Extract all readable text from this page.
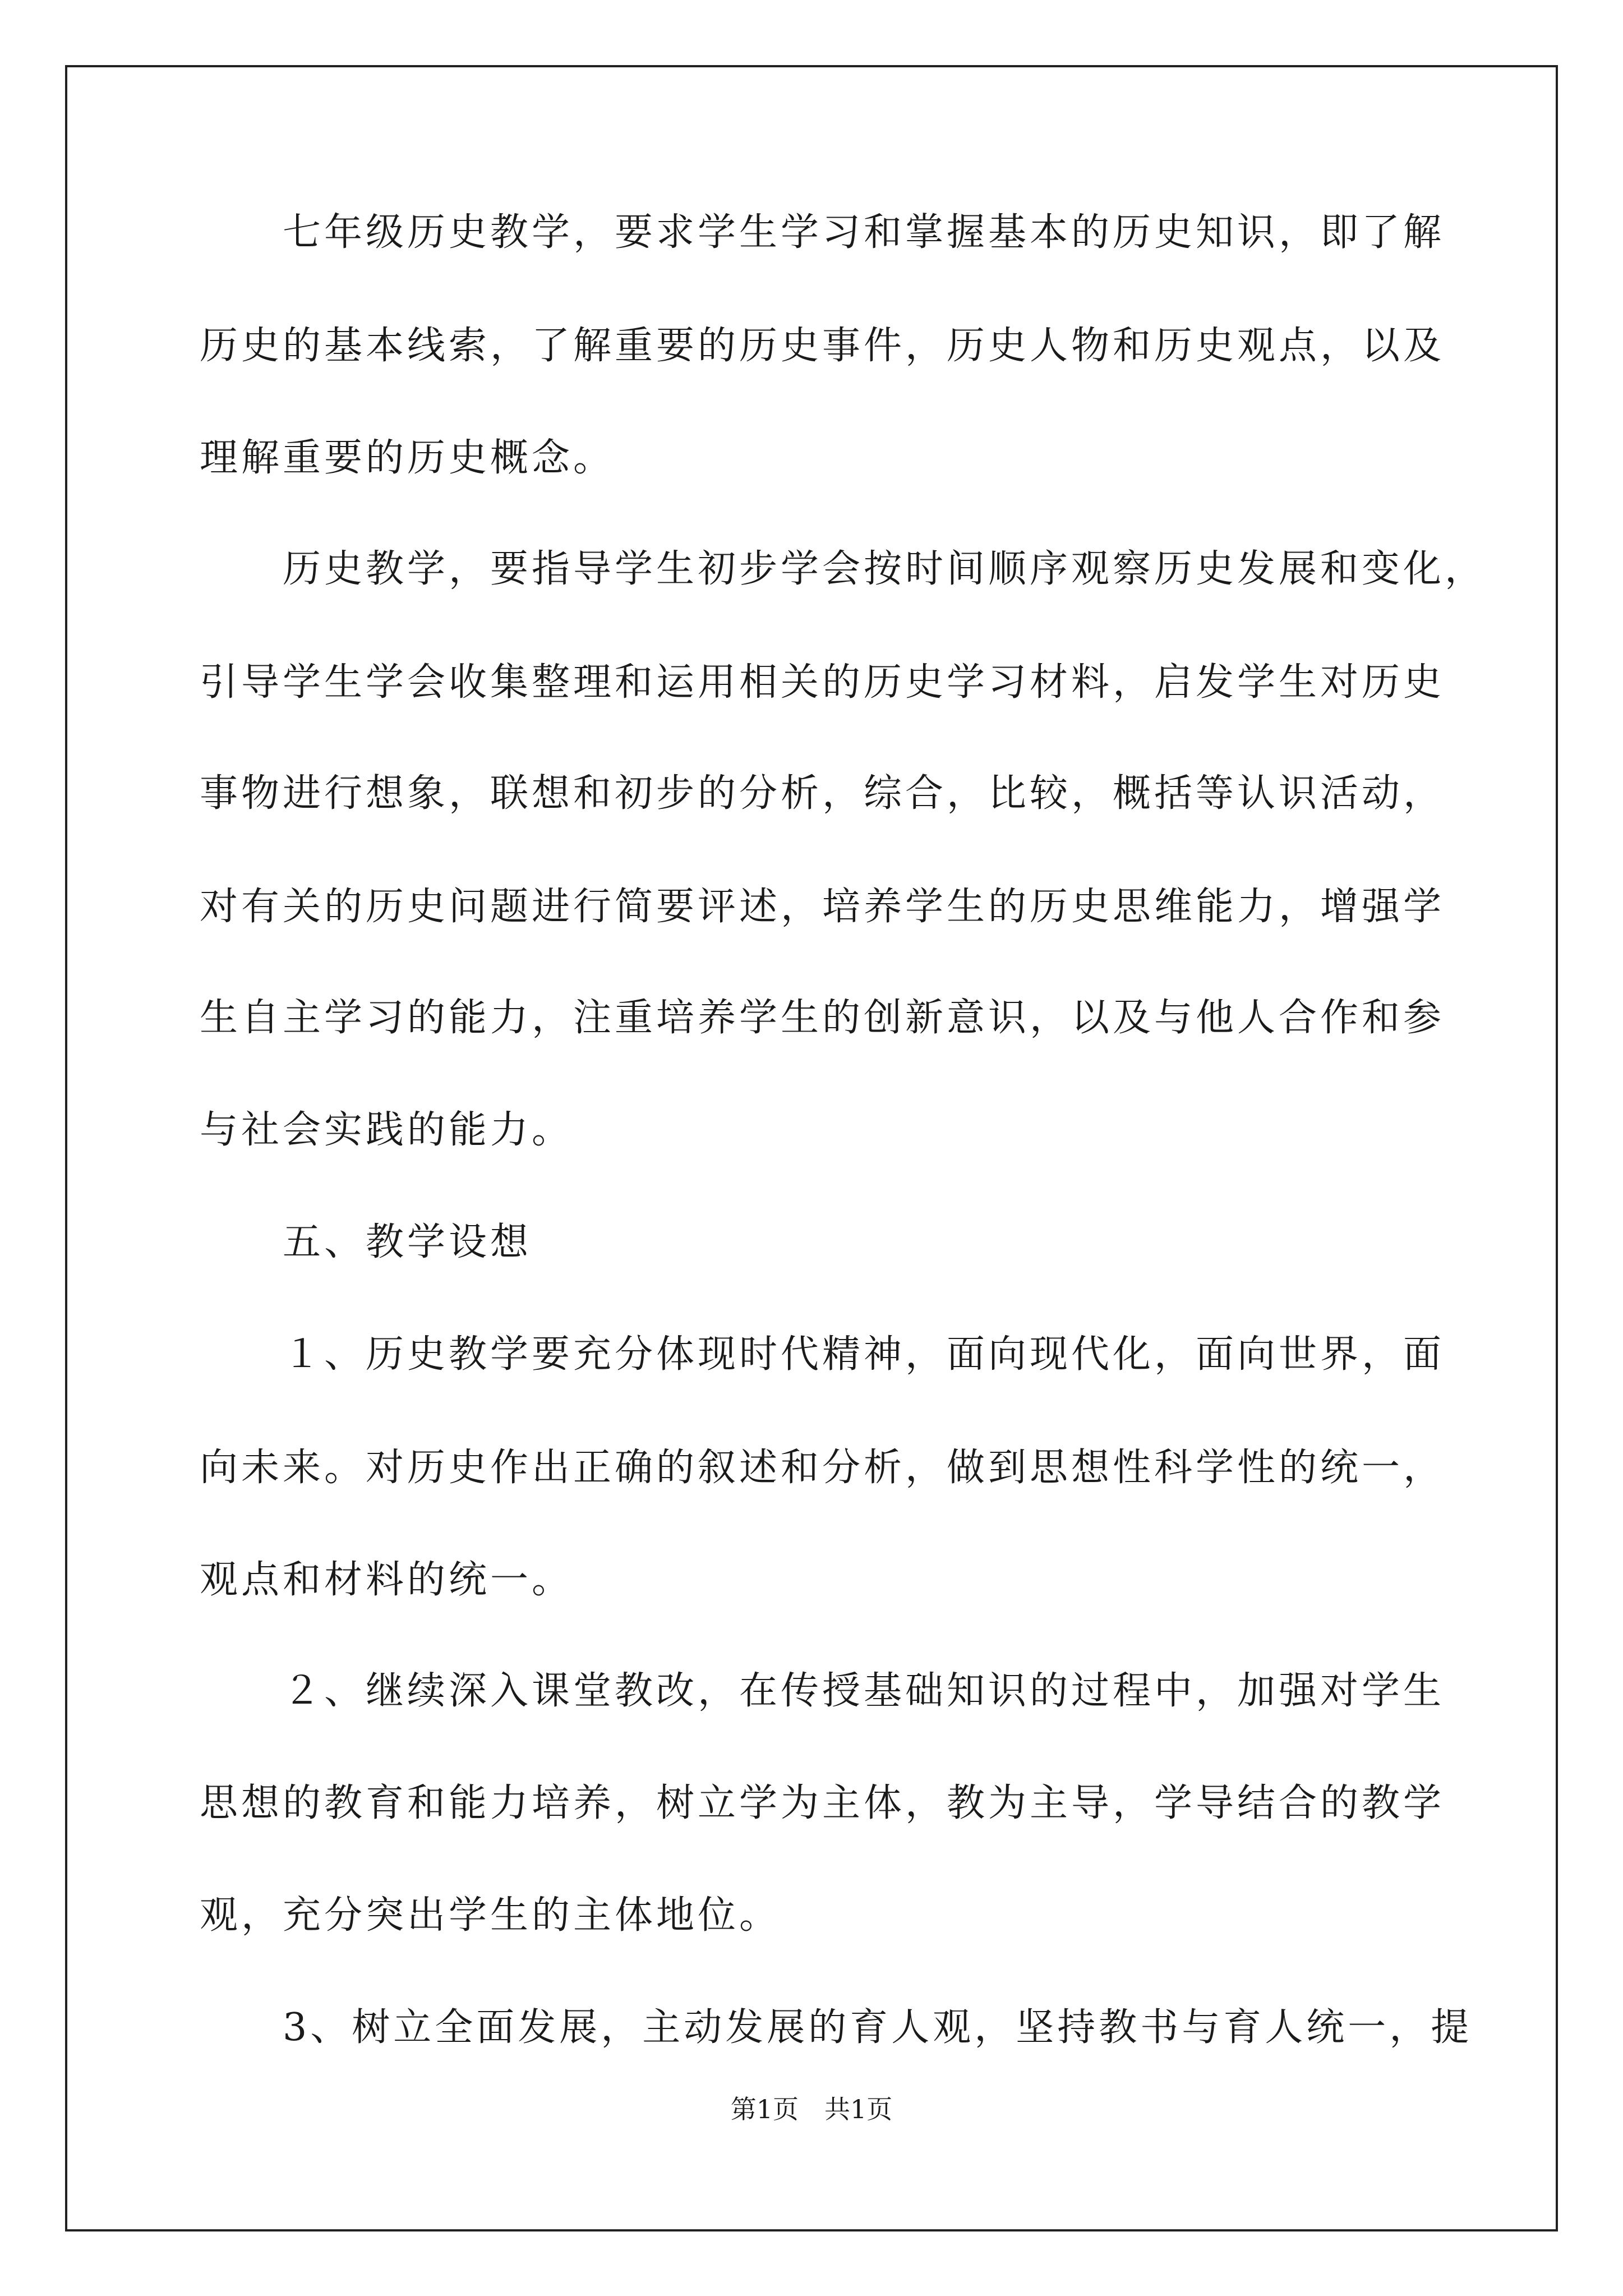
　　七年级历史教学，要求学生学习和掌握基本的历史知识，即了解

历史的基本线索，了解重要的历史事件，历史人物和历史观点，以及

理解重要的历史概念。

　　历史教学，要指导学生初步学会按时间顺序观察历史发展和变化，

引导学生学会收集整理和运用相关的历史学习材料，启发学生对历史

事物进行想象，联想和初步的分析，综合，比较，概括等认识活动，

对有关的历史问题进行简要评述，培养学生的历史思维能力，增强学

生自主学习的能力，注重培养学生的创新意识，以及与他人合作和参

与社会实践的能力。

　　五、教学设想

　　１、历史教学要充分体现时代精神，面向现代化，面向世界，面

向未来。对历史作出正确的叙述和分析，做到思想性科学性的统一，

观点和材料的统一。

　　２、继续深入课堂教改，在传授基础知识的过程中，加强对学生

思想的教育和能力培养，树立学为主体，教为主导，学导结合的教学

观，充分突出学生的主体地位。

　　3、树立全面发展，主动发展的育人观，坚持教书与育人统一，提

第1页　共1页
